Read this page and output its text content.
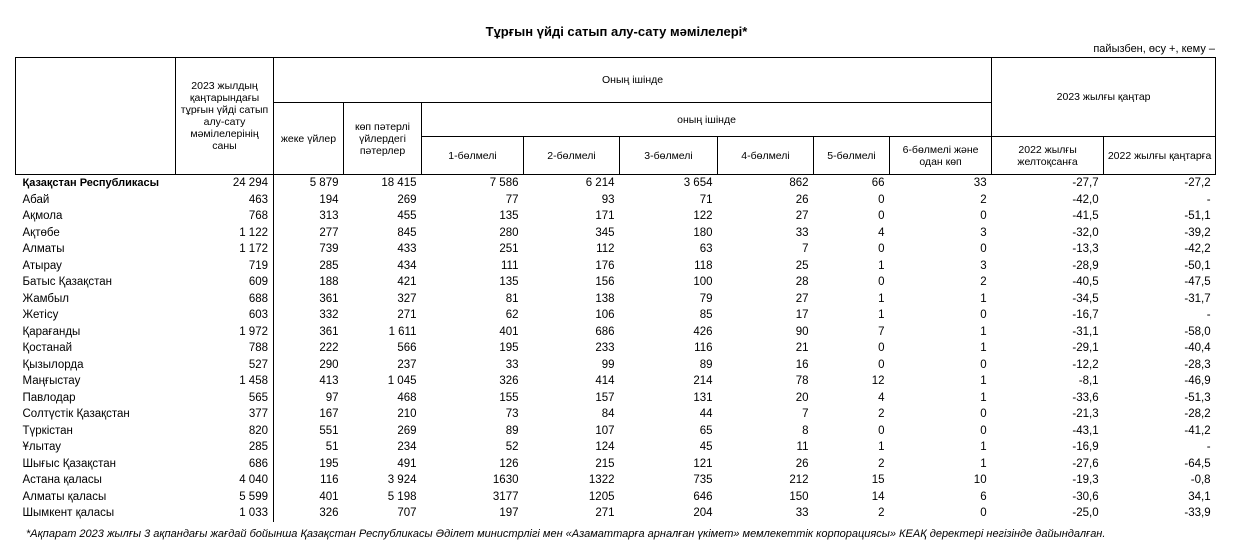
Тұрғын үйді сатып алу-сату мәмілелері*
пайызбен, өсу +, кему –
	2023 жылдың қаңтарындағы тұрғын үйді сатып алу-сату мәмілелерінің саны	Оның ішінде								2023 жылғы қаңтар	
		жеке үйлер	көп пәтерлі үйлердегі пәтерлер	оның ішінде							
				1-бөлмелі	2-бөлмелі	3-бөлмелі	4-бөлмелі	5-бөлмелі	6-бөлмелі және одан көп	2022 жылғы желтоқсанға	2022 жылғы қаңтарға
Қазақстан Республикасы	24 294	5 879	18 415	7 586	6 214	3 654	862	66	33	-27,7	-27,2
Абай	463	194	269	77	93	71	26	0	2	-42,0	-
Ақмола	768	313	455	135	171	122	27	0	0	-41,5	-51,1
Ақтөбе	1 122	277	845	280	345	180	33	4	3	-32,0	-39,2
Алматы	1 172	739	433	251	112	63	7	0	0	-13,3	-42,2
Атырау	719	285	434	111	176	118	25	1	3	-28,9	-50,1
Батыс Қазақстан	609	188	421	135	156	100	28	0	2	-40,5	-47,5
Жамбыл	688	361	327	81	138	79	27	1	1	-34,5	-31,7
Жетісу	603	332	271	62	106	85	17	1	0	-16,7	-
Қарағанды	1 972	361	1 611	401	686	426	90	7	1	-31,1	-58,0
Қостанай	788	222	566	195	233	116	21	0	1	-29,1	-40,4
Қызылорда	527	290	237	33	99	89	16	0	0	-12,2	-28,3
Маңғыстау	1 458	413	1 045	326	414	214	78	12	1	-8,1	-46,9
Павлодар	565	97	468	155	157	131	20	4	1	-33,6	-51,3
Солтүстік Қазақстан	377	167	210	73	84	44	7	2	0	-21,3	-28,2
Түркістан	820	551	269	89	107	65	8	0	0	-43,1	-41,2
Ұлытау	285	51	234	52	124	45	11	1	1	-16,9	-
Шығыс Қазақстан	686	195	491	126	215	121	26	2	1	-27,6	-64,5
Астана қаласы	4 040	116	3 924	1630	1322	735	212	15	10	-19,3	-0,8
Алматы қаласы	5 599	401	5 198	3177	1205	646	150	14	6	-30,6	34,1
Шымкент қаласы	1 033	326	707	197	271	204	33	2	0	-25,0	-33,9
*Ақпарат 2023 жылғы 3 ақпандағы жағдай бойынша Қазақстан Республикасы Әділет министрлігі мен «Азаматтарға арналған үкімет» мемлекеттік корпорациясы» КЕАҚ деректері негізінде дайындалған.
